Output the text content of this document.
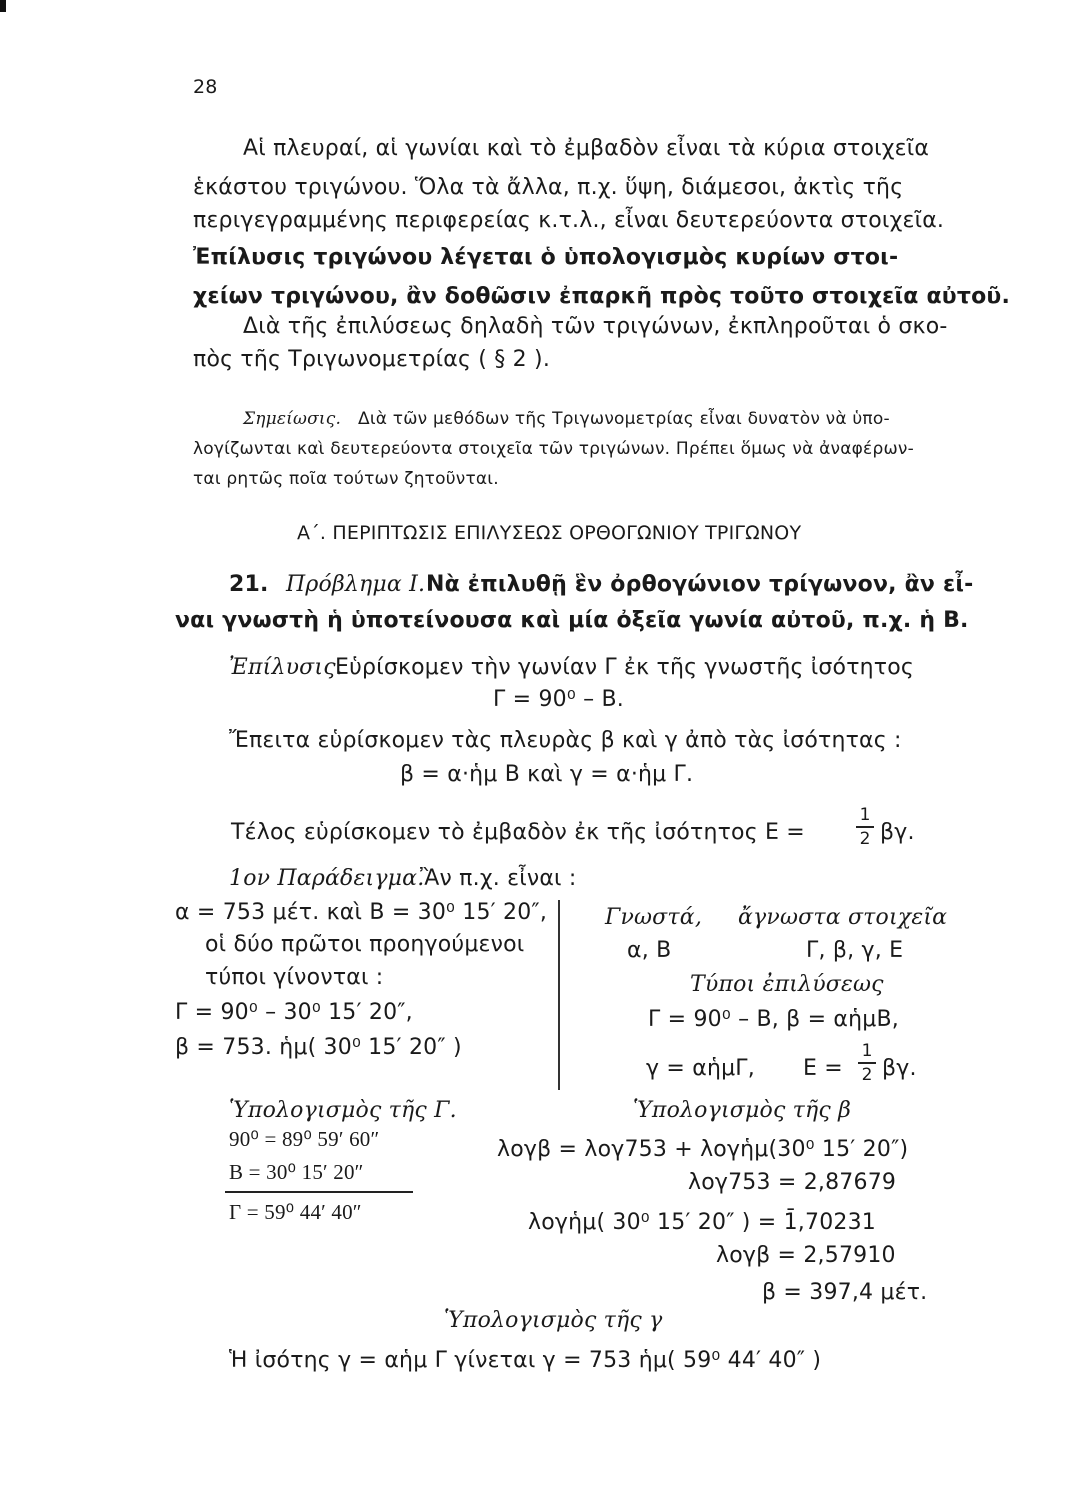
28
Αἱ πλευραί, αἱ γωνίαι καὶ τὸ ἐμβαδὸν εἶναι τὰ κύρια στοιχεῖα
ἑκάστου τριγώνου. Ὅλα τὰ ἄλλα, π.χ. ὕψη, διάμεσοι, ἀκτὶς τῆς
περιγεγραμμένης περιφερείας κ.τ.λ., εἶναι δευτερεύοντα στοιχεῖα.
Ἐπίλυσις τριγώνου λέγεται ὁ ὑπολογισμὸς κυρίων στοι-
χείων τριγώνου, ἂν δοθῶσιν ἐπαρκῆ πρὸς τοῦτο στοιχεῖα αὐτοῦ.
Διὰ τῆς ἐπιλύσεως δηλαδὴ τῶν τριγώνων, ἐκπληροῦται ὁ σκο-
πὸς τῆς Τριγωνομετρίας ( § 2 ).
Σημείωσις. Διὰ τῶν μεθόδων τῆς Τριγωνομετρίας εἶναι δυνατὸν νὰ ὑπο-
λογίζωνται καὶ δευτερεύοντα στοιχεῖα τῶν τριγώνων. Πρέπει ὅμως νὰ ἀναφέρων-
ται ρητῶς ποῖα τούτων ζητοῦνται.
Α΄. ΠΕΡΙΠΤΩΣΙΣ ΕΠΙΛΥΣΕΩΣ ΟΡΘΟΓΩΝΙΟΥ ΤΡΙΓΩΝΟΥ
21. Πρόβλημα Ι. Νὰ ἐπιλυθῇ ἓν ὀρθογώνιον τρίγωνον, ἂν εἶ-
ναι γνωστὴ ἡ ὑποτείνουσα καὶ μία ὀξεῖα γωνία αὐτοῦ, π.χ. ἡ Β.
Ἐπίλυσις.
Εὑρίσκομεν τὴν γωνίαν Γ ἐκ τῆς γνωστῆς ἰσότητος
Γ = 90⁰ – Β.
Ἔπειτα εὑρίσκομεν τὰς πλευρὰς β καὶ γ ἀπὸ τὰς ἰσότητας :
β = α·ἡμ Β καὶ γ = α·ἡμ Γ.
Τέλος εὑρίσκομεν τὸ ἐμβαδὸν ἐκ τῆς ἰσότητος Ε =
1
2 βγ.
1ον Παράδειγμα.
Ἂν π.χ. εἶναι :
α = 753 μέτ. καὶ Β = 30⁰ 15′ 20″,
οἱ δύο πρῶτοι προηγούμενοι
τύποι γίνονται :
Γ = 90⁰ – 30⁰ 15′ 20″,
β = 753. ἡμ( 30⁰ 15′ 20″ )
Γνωστά, ἄγνωστα στοιχεῖα
α, Β	Γ, β, γ, Ε
Τύποι ἐπιλύσεως
Γ = 90⁰ – Β, β = αἡμΒ,
γ = αἡμΓ, Ε =
1
2 βγ.
Ὑπολογισμὸς τῆς Γ.
90⁰ = 89⁰ 59′ 60″
Β = 30⁰ 15′ 20″
Γ = 59⁰ 44′ 40″
Ὑπολογισμὸς τῆς β
λογβ = λογ753 + λογἡμ(30⁰ 15′ 20″)
λογ753 = 2,87679
λογἡμ( 30⁰ 15′ 20″ ) = 1̄,70231
λογβ = 2,57910
β = 397,4 μέτ.
Ὑπολογισμὸς τῆς γ
Ἡ ἰσότης γ = αἡμ Γ γίνεται γ = 753 ἡμ( 59⁰ 44′ 40″ )
